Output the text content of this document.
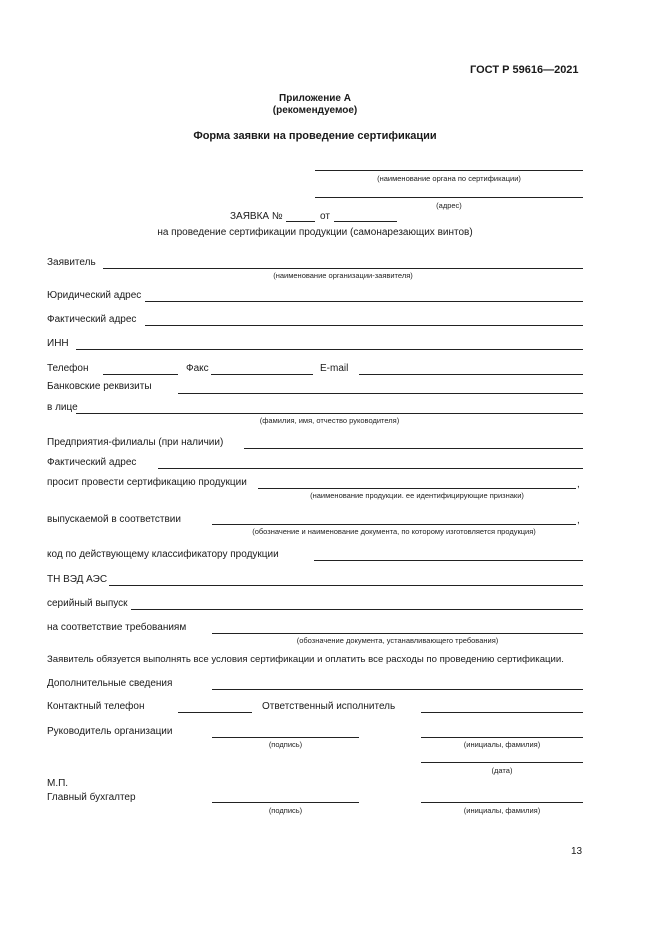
ГОСТ Р 59616—2021
Приложение А
(рекомендуемое)
Форма заявки на проведение сертификации
(наименование органа по сертификации)
(адрес)
ЗАЯВКА №	от
на проведение сертификации продукции (самонарезающих винтов)
Заявитель
(наименование организации-заявителя)
Юридический адрес
Фактический адрес
ИНН
Телефон	Факс	E-mail
Банковские реквизиты
в лице
(фамилия, имя, отчество руководителя)
Предприятия-филиалы (при наличии)
Фактический адрес
просит провести сертификацию продукции	,
(наименование продукции. ее идентифицирующие признаки)
выпускаемой в соответствии	,
(обозначение и наименование документа, по которому изготовляется продукция)
код по действующему классификатору продукции
ТН ВЭД АЭС
серийный выпуск
на соответствие требованиям
(обозначение документа, устанавливающего требования)
Заявитель обязуется выполнять все условия сертификации и оплатить все расходы по проведению сертификации.
Дополнительные сведения
Контактный телефон	Ответственный исполнитель
Руководитель организации
(подпись)	(инициалы, фамилия)
(дата)
М.П.
Главный бухгалтер
(подпись)	(инициалы, фамилия)
13
